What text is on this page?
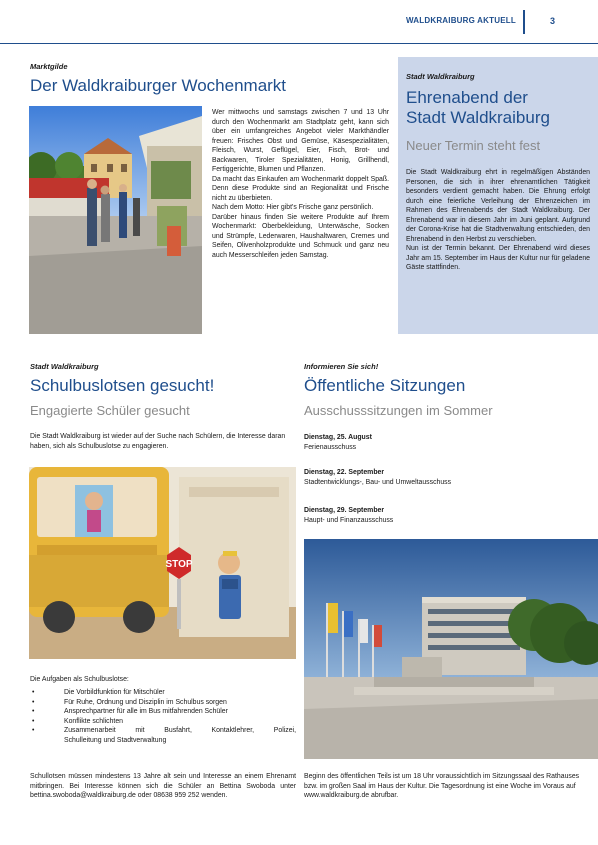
WALDKRAIBURG AKTUELL	3
Marktgilde
Der Waldkraiburger Wochenmarkt

Wer mittwochs und samstags zwischen 7 und 13 Uhr durch den Wochenmarkt am Stadtplatz geht, kann sich über ein umfangreiches Angebot vieler Markthändler freuen: Frisches Obst und Gemüse, Käsespezialitäten, Fleisch, Wurst, Geflügel, Eier, Fisch, Brot- und Backwaren, Tiroler Spezialitäten, Honig, Grillhendl, Fertiggerichte, Blumen und Pflanzen.

Da macht das Einkaufen am Wochenmarkt doppelt Spaß. Denn diese Produkte sind an Regionalität und Frische nicht zu überbieten.

Nach dem Motto: Hier gibt's Frische ganz persönlich.

Darüber hinaus finden Sie weitere Produkte auf Ihrem Wochenmarkt: Oberbekleidung, Unterwäsche, Socken und Strümpfe, Lederwaren, Haushaltwaren, Cremes und Seifen, Olivenholzprodukte und Schmuck und ganz neu auch Messerschleifen jeden Samstag.

Stadt Waldkraiburg
Ehrenabend der
Stadt Waldkraiburg
Neuer Termin steht fest

Die Stadt Waldkraiburg ehrt in regelmäßigen Abständen Personen, die sich in ihrer ehrenamtlichen Tätigkeit besonders verdient gemacht haben. Die Ehrung erfolgt durch eine feierliche Verleihung der Ehrenzeichen im Rahmen des Ehrenabends der Stadt Waldkraiburg. Der Ehrenabend war in diesem Jahr im Juni geplant. Aufgrund der Corona-Krise hat die Stadtverwaltung entschieden, den Ehrenabend in den Herbst zu verschieben.

Nun ist der Termin bekannt. Der Ehrenabend wird dieses Jahr am 15. September im Haus der Kultur nur für geladene Gäste stattfinden.

Stadt Waldkraiburg
Schulbuslotsen gesucht!
Engagierte Schüler gesucht
Die Stadt Waldkraiburg ist wieder auf der Suche nach Schülern, die Interesse daran haben, sich als Schulbuslotse zu engagieren.
STOP
Die Aufgaben als Schulbuslotse:
•	Die Vorbildfunktion für Mitschüler
•	Für Ruhe, Ordnung und Disziplin im Schulbus sorgen
•	Ansprechpartner für alle im Bus mitfahrenden Schüler
•	Konflikte schlichten
•	Zusammenarbeit mit Busfahrt, Kontaktlehrer, Polizei,
Schulleitung und Stadtverwaltung
Schullotsen müssen mindestens 13 Jahre alt sein und Interesse an einem Ehrenamt mitbringen. Bei Interesse können sich die Schüler an Bettina Swoboda unter bettina.swoboda@waldkraiburg.de oder 08638 959 252 wenden.
Informieren Sie sich!
Öffentliche Sitzungen
Ausschusssitzungen im Sommer
Dienstag, 25. August
Ferienausschuss
Dienstag, 22. September
Stadtentwicklungs-, Bau- und Umweltausschuss
Dienstag, 29. September
Haupt- und Finanzausschuss
Beginn des öffentlichen Teils ist um 18 Uhr voraussichtlich im Sitzungssaal des Rathauses bzw. im großen Saal im Haus der Kultur. Die Tagesordnung ist eine Woche im Voraus auf www.waldkraiburg.de abrufbar.
